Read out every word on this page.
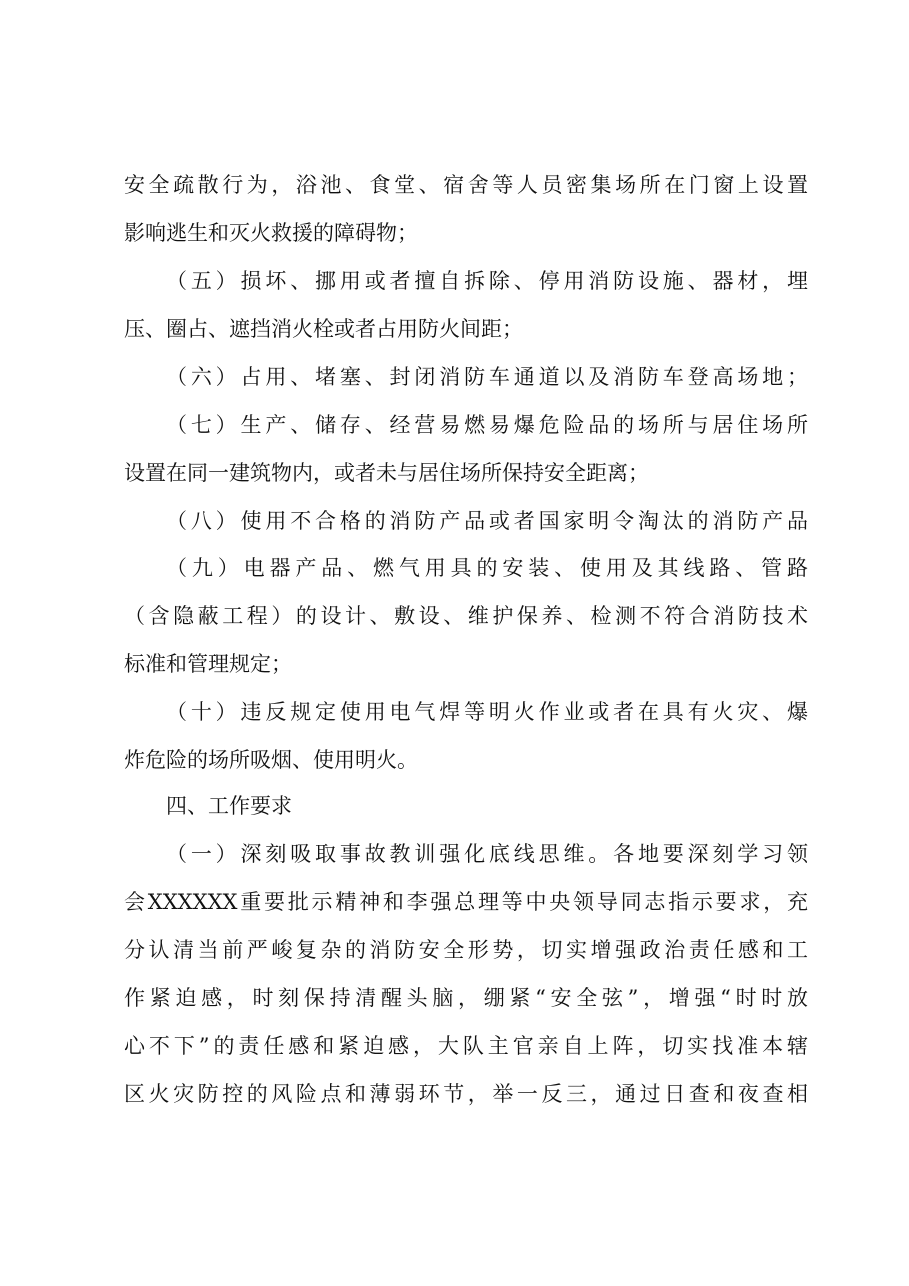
安全疏散行为，浴池、食堂、宿舍等人员密集场所在门窗上设置

影响逃生和灭火救援的障碍物；

（五）损坏、挪用或者擅自拆除、停用消防设施、器材，埋

压、圈占、遮挡消火栓或者占用防火间距；

（六）占用、堵塞、封闭消防车通道以及消防车登高场地；

（七）生产、储存、经营易燃易爆危险品的场所与居住场所

设置在同一建筑物内，或者未与居住场所保持安全距离；

（八）使用不合格的消防产品或者国家明令淘汰的消防产品

（九）电器产品、燃气用具的安装、使用及其线路、管路

（含隐蔽工程）的设计、敷设、维护保养、检测不符合消防技术

标准和管理规定；

（十）违反规定使用电气焊等明火作业或者在具有火灾、爆

炸危险的场所吸烟、使用明火。

四、工作要求

（一）深刻吸取事故教训强化底线思维。各地要深刻学习领

会XXXXXX重要批示精神和李强总理等中央领导同志指示要求，充

分认清当前严峻复杂的消防安全形势，切实增强政治责任感和工

作紧迫感，时刻保持清醒头脑，绷紧“安全弦”，增强“时时放

心不下”的责任感和紧迫感，大队主官亲自上阵，切实找准本辖

区火灾防控的风险点和薄弱环节，举一反三，通过日查和夜查相
